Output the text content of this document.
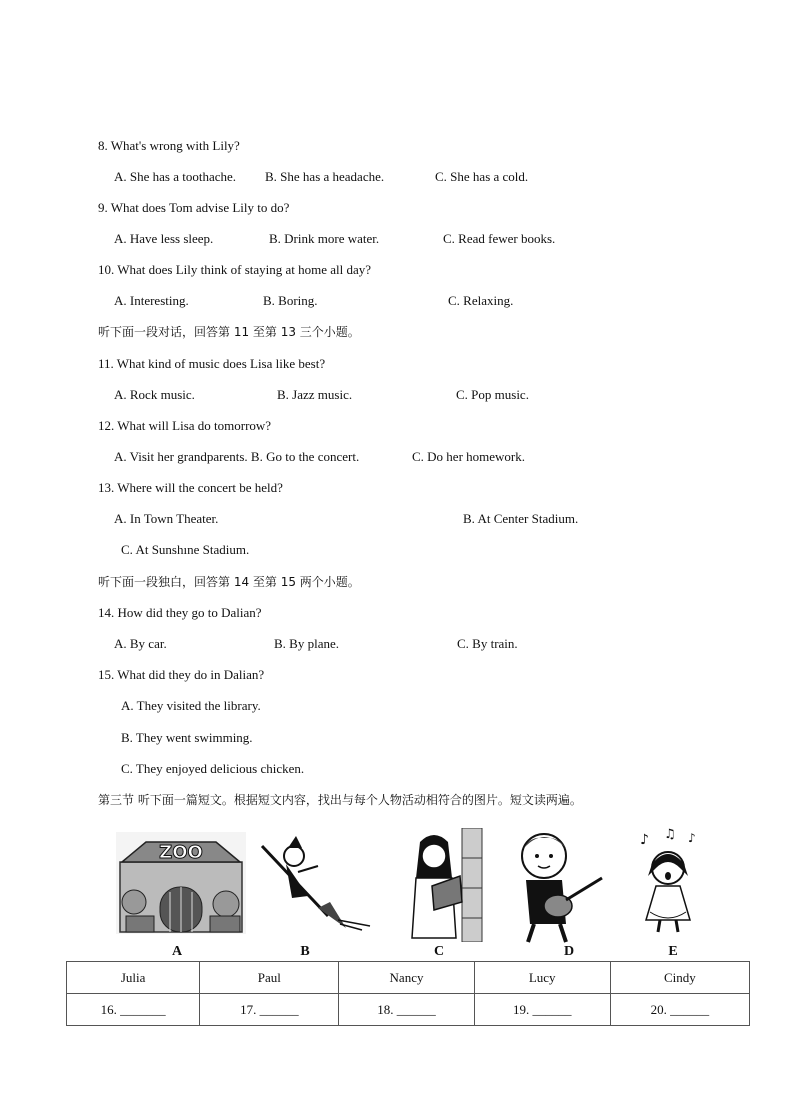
8. What's wrong with Lily?
A. She has a toothache. B. She has a headache.	C. She has a cold.
9. What does Tom advise Lily to do?
A. Have less sleep.	B. Drink more water.	C. Read fewer books.
10. What does Lily think of staying at home all day?
A. Interesting.	B. Boring.	C. Relaxing.
听下面一段对话，回答第 11 至第 13 三个小题。
11. What kind of music does Lisa like best?
A. Rock music.	B. Jazz music.	C. Pop music.
12. What will Lisa do tomorrow?
A. Visit her grandparents. B. Go to the concert.	C. Do her homework.
13. Where will the concert be held?
A. In Town Theater.	B. At Center Stadium.
C. At Sunshıne Stadium.
听下面一段独白，回答第 14 至第 15 两个小题。
14. How did they go to Dalian?
A. By car.	B. By plane.	C. By train.
15. What did they do in Dalian?
A. They visited the library.
B. They went swimming.
C. They enjoyed delicious chicken.
第三节 听下面一篇短文。根据短文内容，找出与每个人物活动相符合的图片。短文读两遍。
ZOO
A	B	C	D
♪ ♫ ♪
E
Julia	Paul	Nancy	Lucy	Cindy
16. _______	17. ______	18. ______	19. ______	20. ______
